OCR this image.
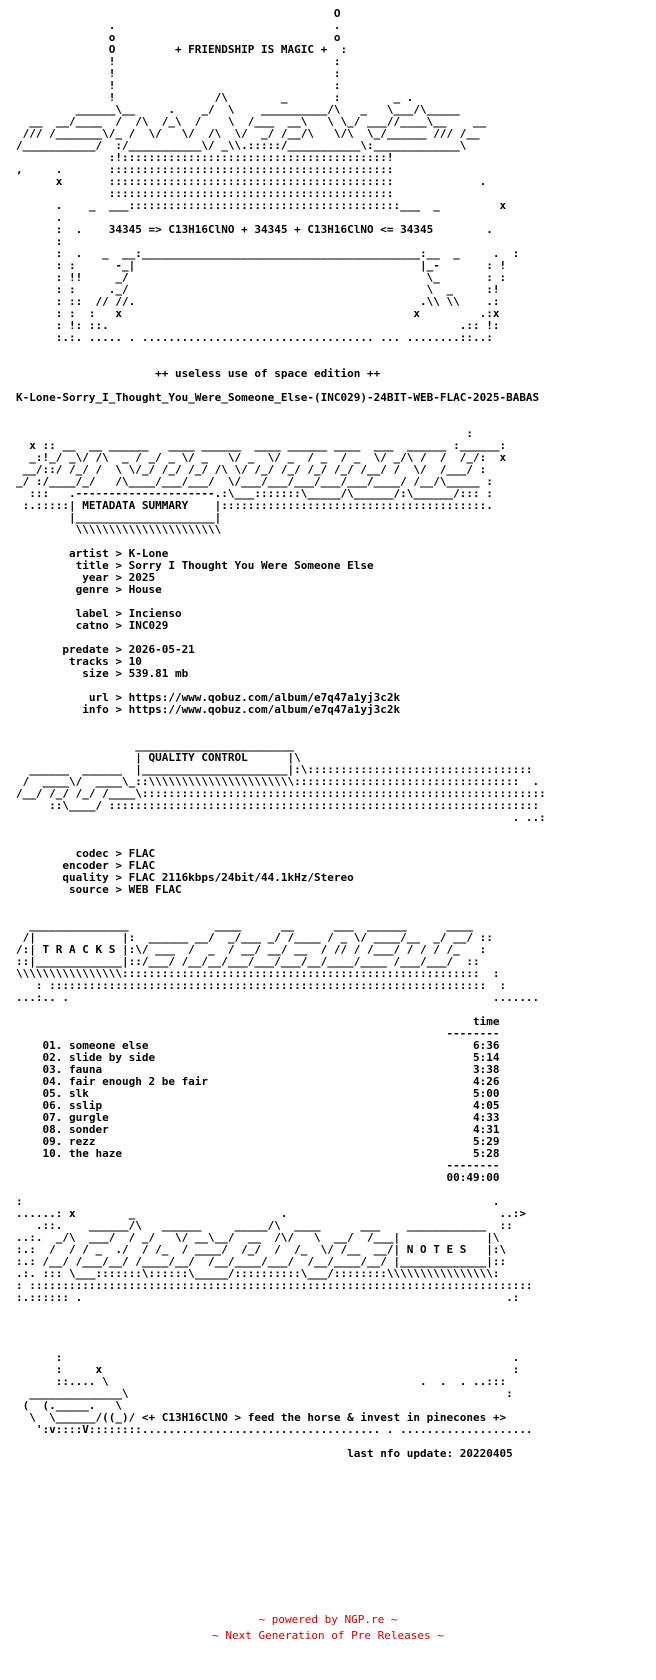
O
.                                 .
o                                 o
O         + FRIENDSHIP IS MAGIC +  :
!                                 :
!                                 :
!                                 :
!               /\        _       :        _ .
______\__     .    _/  \    __________/\   _   \___/\_____
__  __/____  /  /\  /_\  /    \  /___  __\   \ \_/ ___//____\__    __
/// /_______\/_ /  \/   \/  /\  \/  _/ /__/\   \/\  \_/______ /// /__
/___________/  :/___________\/ _\\.:::::/___________\:_____________\
:!::::::::::::::::::::::::::::::::::::::::!
,     .       :::::::::::::::::::::::::::::::::::::::::::
x       :::::::::::::::::::::::::::::::::::::::::::             .
:::::::::::::::::::::::::::::::::::::::::::
.    _  ___:::::::::::::::::::::::::::::::::::::::::___  _         x
.
:  .    34345 => C13H16ClNO + 34345 + C13H16ClNO <= 34345        .
:
:  .   _  __:__________________________________________:__  _     .  :
: :      -_|                                           |_-       : !
: !!     _/                                             \_       : :
: :     ._/                                             \  _     :!
: ::  // //.                                           .\\ \\    .:
: :  :   x                                            x         .:x
: !: ::.                                                     .:: !:
:.:. ..... . ................................... ... ........::..:

++ useless use of space edition ++

K-Lone-Sorry_I_Thought_You_Were_Someone_Else-(INC029)-24BIT-WEB-FLAC-2025-BABAS

:
x :: __  __ ______   ____ ______  ____ ______ ____  ___  ______ :______:
_:!_/ _\/ /\  _ / _/ _ \/ _   \/ _  \/ _  / _  / _  \/ _/\ /  /  /_/:  x
__/::/ /_/ /  \ \/_/ /_/ /_/ /\ \/ /_/ /_/ /_/ /_/ /__/ /  \/  /___/ :
_/ :/____/_/   /\____/___/___/  \/___/___/___/___/___/____/ /__/\_____ :
:::   .---------------------.:\___:::::::\_____/\______/:\______/::: :
:.:::::| METADATA SUMMARY    |::::::::::::::::::::::::::::::::::::::::.
|_____________________|
\\\\\\\\\\\\\\\\\\\\\\

artist > K-Lone
title > Sorry I Thought You Were Someone Else
year > 2025
genre > House

label > Incienso
catno > INC029

predate > 2026-05-21
tracks > 10
size > 539.81 mb

url > https://www.qobuz.com/album/e7q47a1yj3c2k
info > https://www.qobuz.com/album/e7q47a1yj3c2k

________________________
| QUALITY CONTROL      |\
______  ______  |______________________|:\::::::::::::::::::::::::::::::::::
/  ____\/  ____\_::\\\\\\\\\\\\\\\\\\\\\\::::::::::::::::::::::::::::::::::  .
/__/ /_/ /_/ /____\:::::::::::::::::::::::::::::::::::::::::::::::::::::::::::::
::\____/ :::::::::::::::::::::::::::::::::::::::::::::::::::::::::::::::::
. ..:

codec > FLAC
encoder > FLAC
quality > FLAC 2116kbps/24bit/44.1kHz/Stereo
source > WEB FLAC

_______________             ____      __      ___  ______      ____
/|             |:  ______ __/  _/___ _/ /____ / _ \/ ____/__  _/ __/ ::
/:| T R A C K S |:\/ ___  /  _  / __/ __/ __  / // / /___/ / / / /_   :
::|_____________|::/___/ /__/__/___/___/___/__/____/____ /___/___/  ::
\\\\\\\\\\\\\\\\::::::::::::::::::::::::::::::::::::::::::::::::::::::  :
: ::::::::::::::::::::::::::::::::::::::::::::::::::::::::::::::::::  :
...:.. .                                                                .......

time
--------
01. someone else                                                 6:36
02. slide by side                                                5:14
03. fauna                                                        3:38
04. fair enough 2 be fair                                        4:26
05. slk                                                          5:00
06. sslip                                                        4:05
07. gurgle                                                       4:33
08. sonder                                                       4:31
09. rezz                                                         5:29
10. the haze                                                     5:28
--------
00:49:00

:                                                                       .
......: x        _                      .                                ..:>
.::.    ______/\   ______     _____/\  ____      ___    ____________  ::
..:.  _/\  ___/  / _/   \/ __\__/  __  /\/   \  __/  /___|             |\
:.:  /  / / _  ./  / /_  / ____/  /_/  /  /_  \/ /__  __/| N O T E S   |:\
:.: /__/ /___/__/ /____/__/  /__/____/___/  /__/____/__/ |_____________|::
.:. ::: \___:::::::\::::::\_____/::::::::::\___/::::::::\\\\\\\\\\\\\\\\:
: ::::::::::::::::::::::::::::::::::::::::::::::::::::::::::::::::::::::::::::
:.:::::: .                                                                .:

:                                                                    .
:     x                                                              :
::.... \                                               .  .  . ..:::
______________\                                                         :
(  (._____.   \
\  \______/((_)/ <+ C13H16ClNO > feed the horse & invest in pinecones +>
':v::::V::::::::.................................... . ....................

last nfo update: 20220405

~ powered by NGP.re ~
~ Next Generation of Pre Releases ~
